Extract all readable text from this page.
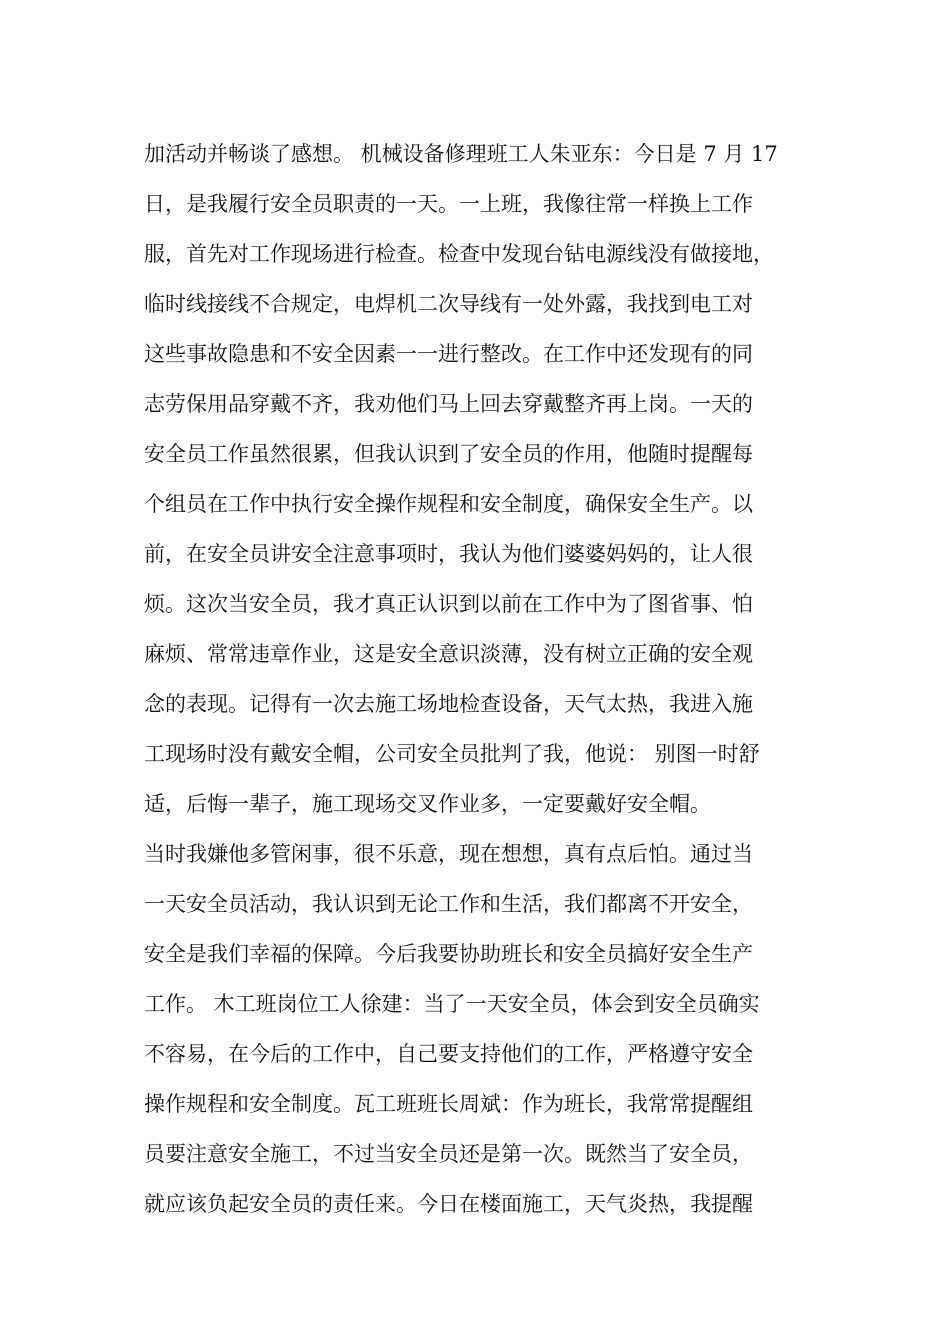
加活动并畅谈了感想。 机械设备修理班工人朱亚东：今日是 7 月 17
日，是我履行安全员职责的一天。一上班，我像往常一样换上工作
服，首先对工作现场进行检查。检查中发现台钻电源线没有做接地，
临时线接线不合规定，电焊机二次导线有一处外露，我找到电工对
这些事故隐患和不安全因素一一进行整改。在工作中还发现有的同
志劳保用品穿戴不齐，我劝他们马上回去穿戴整齐再上岗。一天的
安全员工作虽然很累，但我认识到了安全员的作用，他随时提醒每
个组员在工作中执行安全操作规程和安全制度，确保安全生产。以
前，在安全员讲安全注意事项时，我认为他们婆婆妈妈的，让人很
烦。这次当安全员，我才真正认识到以前在工作中为了图省事、怕
麻烦、常常违章作业，这是安全意识淡薄，没有树立正确的安全观
念的表现。记得有一次去施工场地检查设备，天气太热，我进入施
工现场时没有戴安全帽，公司安全员批判了我，他说： 别图一时舒
适，后悔一辈子，施工现场交叉作业多，一定要戴好安全帽。
当时我嫌他多管闲事，很不乐意，现在想想，真有点后怕。通过当
一天安全员活动，我认识到无论工作和生活，我们都离不开安全，
安全是我们幸福的保障。今后我要协助班长和安全员搞好安全生产
工作。 木工班岗位工人徐建：当了一天安全员，体会到安全员确实
不容易，在今后的工作中，自己要支持他们的工作，严格遵守安全
操作规程和安全制度。瓦工班班长周斌：作为班长，我常常提醒组
员要注意安全施工，不过当安全员还是第一次。既然当了安全员，
就应该负起安全员的责任来。今日在楼面施工，天气炎热，我提醒
